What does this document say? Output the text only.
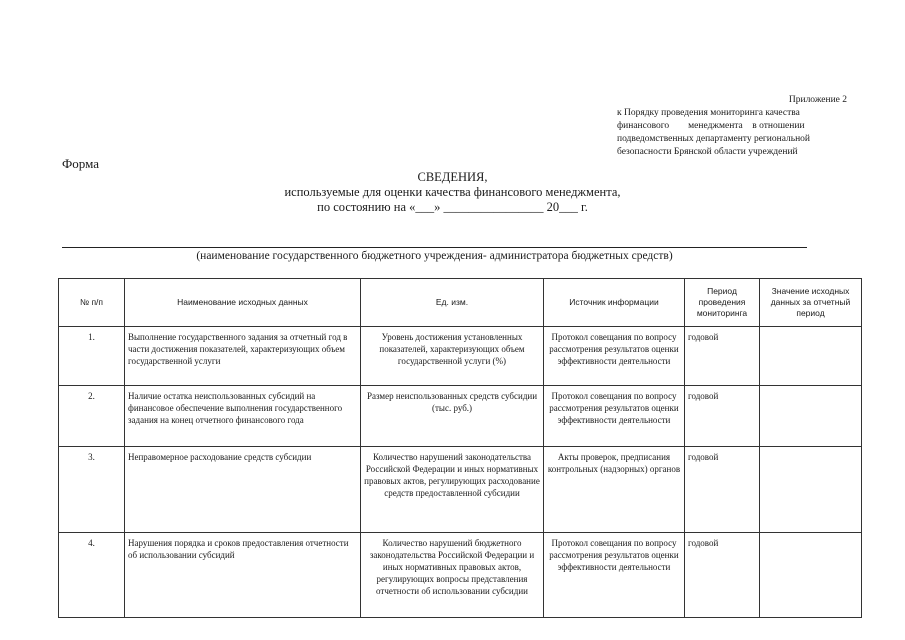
Приложение 2
к Порядку проведения мониторинга качества
финансового        менеджмента    в отношении
подведомственных департаменту региональной
безопасности Брянской области учреждений
Форма
СВЕДЕНИЯ,
используемые для оценки качества финансового менеджмента,
по состоянию на «___» ________________ 20___ г.
(наименование государственного бюджетного учреждения- администратора бюджетных средств)
№ п/п	Наименование исходных данных	Ед. изм.	Источник информации	Период проведения мониторинга	Значение исходных данных за отчетный период
1.	Выполнение государственного задания за отчетный год в части достижения показателей, характеризующих объем государственной услуги	Уровень достижения установленных показателей, характеризующих объем государственной услуги (%)	Протокол совещания по вопросу рассмотрения результатов оценки эффективности деятельности	годовой	
2.	Наличие остатка неиспользованных субсидий на финансовое обеспечение выполнения государственного задания на конец отчетного финансового года	Размер неиспользованных средств субсидии (тыс. руб.)	Протокол совещания по вопросу рассмотрения результатов оценки эффективности деятельности	годовой	
3.	Неправомерное расходование средств субсидии	Количество нарушений законодательства Российской Федерации и иных нормативных правовых актов, регулирующих расходование средств предоставленной субсидии	Акты проверок, предписания контрольных (надзорных) органов	годовой	
4.	Нарушения порядка и сроков предоставления отчетности об использовании субсидий	Количество нарушений бюджетного законодательства Российской Федерации и иных нормативных правовых актов, регулирующих вопросы представления отчетности об использовании субсидии	Протокол совещания по вопросу рассмотрения результатов оценки эффективности деятельности	годовой	
